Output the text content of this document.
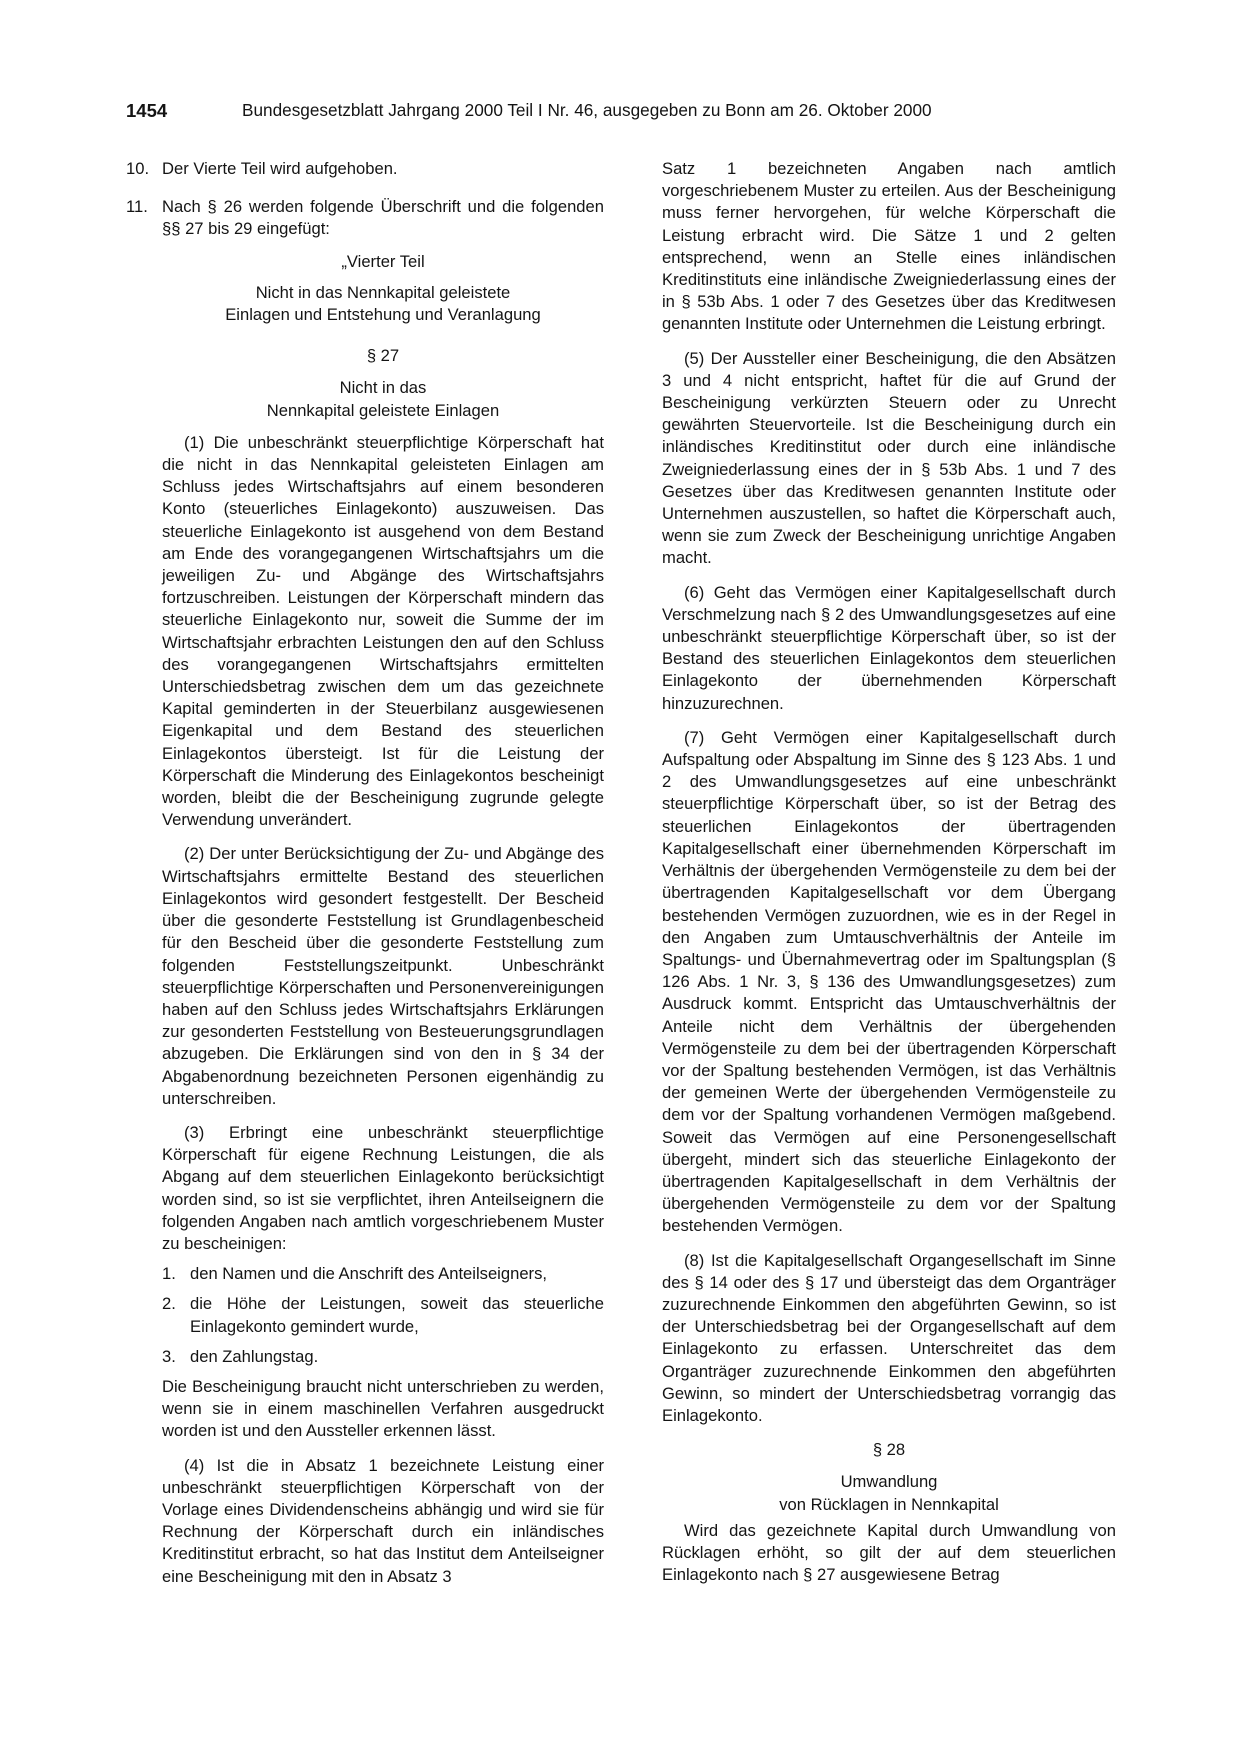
1454	Bundesgesetzblatt Jahrgang 2000 Teil I Nr. 46, ausgegeben zu Bonn am 26. Oktober 2000
10. Der Vierte Teil wird aufgehoben.
11. Nach § 26 werden folgende Überschrift und die folgenden §§ 27 bis 29 eingefügt:

„Vierter Teil

Nicht in das Nennkapital geleistete

Einlagen und Entstehung und Veranlagung

§ 27

Nicht in das

Nennkapital geleistete Einlagen

(1) Die unbeschränkt steuerpflichtige Körperschaft hat die nicht in das Nennkapital geleisteten Einlagen am Schluss jedes Wirtschaftsjahrs auf einem besonderen Konto (steuerliches Einlagekonto) auszuweisen. Das steuerliche Einlagekonto ist ausgehend von dem Bestand am Ende des vorangegangenen Wirtschaftsjahrs um die jeweiligen Zu- und Abgänge des Wirtschaftsjahrs fortzuschreiben. Leistungen der Körperschaft mindern das steuerliche Einlagekonto nur, soweit die Summe der im Wirtschaftsjahr erbrachten Leistungen den auf den Schluss des vorangegangenen Wirtschaftsjahrs ermittelten Unterschiedsbetrag zwischen dem um das gezeichnete Kapital geminderten in der Steuerbilanz ausgewiesenen Eigenkapital und dem Bestand des steuerlichen Einlagekontos übersteigt. Ist für die Leistung der Körperschaft die Minderung des Einlagekontos bescheinigt worden, bleibt die der Bescheinigung zugrunde gelegte Verwendung unverändert.

(2) Der unter Berücksichtigung der Zu- und Abgänge des Wirtschaftsjahrs ermittelte Bestand des steuerlichen Einlagekontos wird gesondert festgestellt. Der Bescheid über die gesonderte Feststellung ist Grundlagenbescheid für den Bescheid über die gesonderte Feststellung zum folgenden Feststellungszeitpunkt. Unbeschränkt steuerpflichtige Körperschaften und Personenvereinigungen haben auf den Schluss jedes Wirtschaftsjahrs Erklärungen zur gesonderten Feststellung von Besteuerungsgrundlagen abzugeben. Die Erklärungen sind von den in § 34 der Abgabenordnung bezeichneten Personen eigenhändig zu unterschreiben.

(3) Erbringt eine unbeschränkt steuerpflichtige Körperschaft für eigene Rechnung Leistungen, die als Abgang auf dem steuerlichen Einlagekonto berücksichtigt worden sind, so ist sie verpflichtet, ihren Anteilseignern die folgenden Angaben nach amtlich vorgeschriebenem Muster zu bescheinigen:

1. den Namen und die Anschrift des Anteilseigners,
2. die Höhe der Leistungen, soweit das steuerliche Einlagekonto gemindert wurde,
3. den Zahlungstag.

Die Bescheinigung braucht nicht unterschrieben zu werden, wenn sie in einem maschinellen Verfahren ausgedruckt worden ist und den Aussteller erkennen lässt.

(4) Ist die in Absatz 1 bezeichnete Leistung einer unbeschränkt steuerpflichtigen Körperschaft von der Vorlage eines Dividendenscheins abhängig und wird sie für Rechnung der Körperschaft durch ein inländisches Kreditinstitut erbracht, so hat das Institut dem Anteilseigner eine Bescheinigung mit den in Absatz 3

Satz 1 bezeichneten Angaben nach amtlich vorgeschriebenem Muster zu erteilen. Aus der Bescheinigung muss ferner hervorgehen, für welche Körperschaft die Leistung erbracht wird. Die Sätze 1 und 2 gelten entsprechend, wenn an Stelle eines inländischen Kreditinstituts eine inländische Zweigniederlassung eines der in § 53b Abs. 1 oder 7 des Gesetzes über das Kreditwesen genannten Institute oder Unternehmen die Leistung erbringt.

(5) Der Aussteller einer Bescheinigung, die den Absätzen 3 und 4 nicht entspricht, haftet für die auf Grund der Bescheinigung verkürzten Steuern oder zu Unrecht gewährten Steuervorteile. Ist die Bescheinigung durch ein inländisches Kreditinstitut oder durch eine inländische Zweigniederlassung eines der in § 53b Abs. 1 und 7 des Gesetzes über das Kreditwesen genannten Institute oder Unternehmen auszustellen, so haftet die Körperschaft auch, wenn sie zum Zweck der Bescheinigung unrichtige Angaben macht.

(6) Geht das Vermögen einer Kapitalgesellschaft durch Verschmelzung nach § 2 des Umwandlungsgesetzes auf eine unbeschränkt steuerpflichtige Körperschaft über, so ist der Bestand des steuerlichen Einlagekontos dem steuerlichen Einlagekonto der übernehmenden Körperschaft hinzuzurechnen.

(7) Geht Vermögen einer Kapitalgesellschaft durch Aufspaltung oder Abspaltung im Sinne des § 123 Abs. 1 und 2 des Umwandlungsgesetzes auf eine unbeschränkt steuerpflichtige Körperschaft über, so ist der Betrag des steuerlichen Einlagekontos der übertragenden Kapitalgesellschaft einer übernehmenden Körperschaft im Verhältnis der übergehenden Vermögensteile zu dem bei der übertragenden Kapitalgesellschaft vor dem Übergang bestehenden Vermögen zuzuordnen, wie es in der Regel in den Angaben zum Umtauschverhältnis der Anteile im Spaltungs- und Übernahmevertrag oder im Spaltungsplan (§ 126 Abs. 1 Nr. 3, § 136 des Umwandlungsgesetzes) zum Ausdruck kommt. Entspricht das Umtauschverhältnis der Anteile nicht dem Verhältnis der übergehenden Vermögensteile zu dem bei der übertragenden Körperschaft vor der Spaltung bestehenden Vermögen, ist das Verhältnis der gemeinen Werte der übergehenden Vermögensteile zu dem vor der Spaltung vorhandenen Vermögen maßgebend. Soweit das Vermögen auf eine Personengesellschaft übergeht, mindert sich das steuerliche Einlagekonto der übertragenden Kapitalgesellschaft in dem Verhältnis der übergehenden Vermögensteile zu dem vor der Spaltung bestehenden Vermögen.

(8) Ist die Kapitalgesellschaft Organgesellschaft im Sinne des § 14 oder des § 17 und übersteigt das dem Organträger zuzurechnende Einkommen den abgeführten Gewinn, so ist der Unterschiedsbetrag bei der Organgesellschaft auf dem Einlagekonto zu erfassen. Unterschreitet das dem Organträger zuzurechnende Einkommen den abgeführten Gewinn, so mindert der Unterschiedsbetrag vorrangig das Einlagekonto.

§ 28

Umwandlung

von Rücklagen in Nennkapital

Wird das gezeichnete Kapital durch Umwandlung von Rücklagen erhöht, so gilt der auf dem steuerlichen Einlagekonto nach § 27 ausgewiesene Betrag
